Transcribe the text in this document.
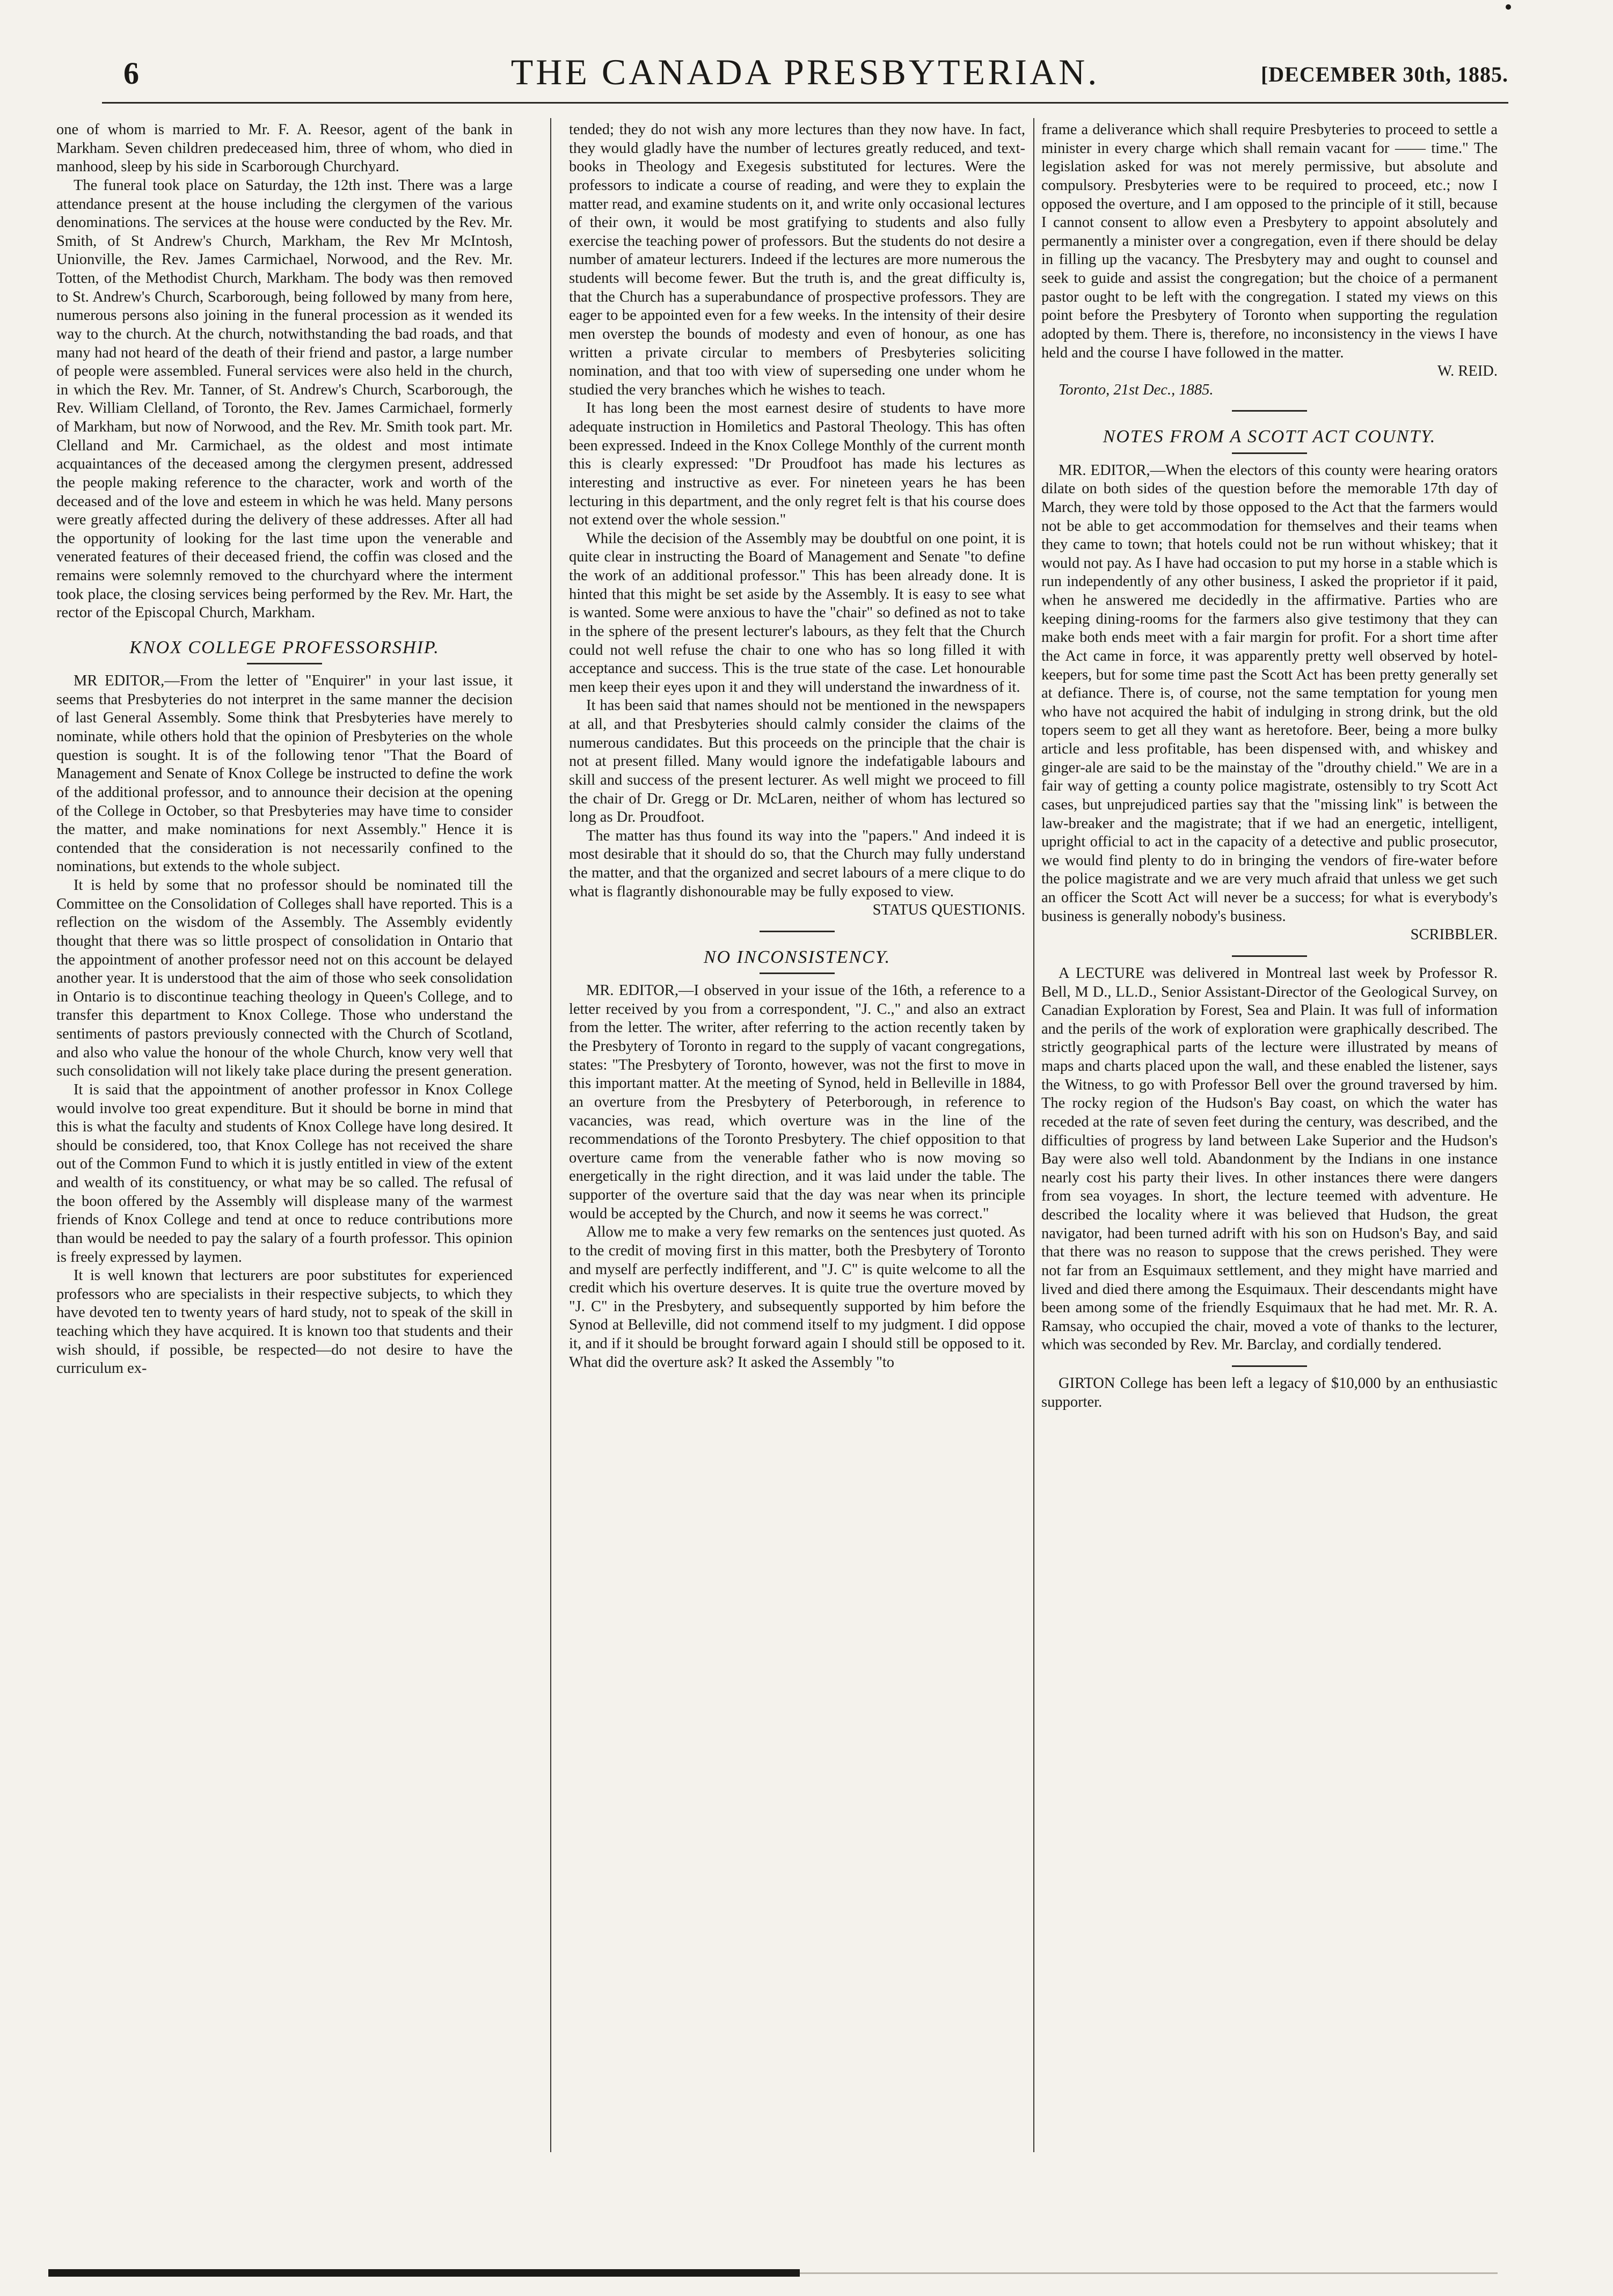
6	THE CANADA PRESBYTERIAN.	[DECEMBER 30th, 1885.

one of whom is married to Mr. F. A. Reesor, agent of the bank in Markham. Seven children predeceased him, three of whom, who died in manhood, sleep by his side in Scarborough Churchyard.

The funeral took place on Saturday, the 12th inst. There was a large attendance present at the house including the clergymen of the various denominations. The services at the house were conducted by the Rev. Mr. Smith, of St Andrew's Church, Markham, the Rev Mr McIntosh, Unionville, the Rev. James Carmichael, Norwood, and the Rev. Mr. Totten, of the Methodist Church, Markham. The body was then removed to St. Andrew's Church, Scarborough, being followed by many from here, numerous persons also joining in the funeral procession as it wended its way to the church. At the church, notwithstanding the bad roads, and that many had not heard of the death of their friend and pastor, a large number of people were assembled. Funeral services were also held in the church, in which the Rev. Mr. Tanner, of St. Andrew's Church, Scarborough, the Rev. William Clelland, of Toronto, the Rev. James Carmichael, formerly of Markham, but now of Norwood, and the Rev. Mr. Smith took part. Mr. Clelland and Mr. Carmichael, as the oldest and most intimate acquaintances of the deceased among the clergymen present, addressed the people making reference to the character, work and worth of the deceased and of the love and esteem in which he was held. Many persons were greatly affected during the delivery of these addresses. After all had the opportunity of looking for the last time upon the venerable and venerated features of their deceased friend, the coffin was closed and the remains were solemnly removed to the churchyard where the interment took place, the closing services being performed by the Rev. Mr. Hart, the rector of the Episcopal Church, Markham.

KNOX COLLEGE PROFESSORSHIP.

MR EDITOR,—From the letter of "Enquirer" in your last issue, it seems that Presbyteries do not interpret in the same manner the decision of last General Assembly. Some think that Presbyteries have merely to nominate, while others hold that the opinion of Presbyteries on the whole question is sought. It is of the following tenor "That the Board of Management and Senate of Knox College be instructed to define the work of the additional professor, and to announce their decision at the opening of the College in October, so that Presbyteries may have time to consider the matter, and make nominations for next Assembly." Hence it is contended that the consideration is not necessarily confined to the nominations, but extends to the whole subject.

It is held by some that no professor should be nominated till the Committee on the Consolidation of Colleges shall have reported. This is a reflection on the wisdom of the Assembly. The Assembly evidently thought that there was so little prospect of consolidation in Ontario that the appointment of another professor need not on this account be delayed another year. It is understood that the aim of those who seek consolidation in Ontario is to discontinue teaching theology in Queen's College, and to transfer this department to Knox College. Those who understand the sentiments of pastors previously connected with the Church of Scotland, and also who value the honour of the whole Church, know very well that such consolidation will not likely take place during the present generation.

It is said that the appointment of another professor in Knox College would involve too great expenditure. But it should be borne in mind that this is what the faculty and students of Knox College have long desired. It should be considered, too, that Knox College has not received the share out of the Common Fund to which it is justly entitled in view of the extent and wealth of its constituency, or what may be so called. The refusal of the boon offered by the Assembly will displease many of the warmest friends of Knox College and tend at once to reduce contributions more than would be needed to pay the salary of a fourth professor. This opinion is freely expressed by laymen.

It is well known that lecturers are poor substitutes for experienced professors who are specialists in their respective subjects, to which they have devoted ten to twenty years of hard study, not to speak of the skill in teaching which they have acquired. It is known too that students and their wish should, if possible, be respected—do not desire to have the curriculum ex-

tended; they do not wish any more lectures than they now have. In fact, they would gladly have the number of lectures greatly reduced, and text-books in Theology and Exegesis substituted for lectures. Were the professors to indicate a course of reading, and were they to explain the matter read, and examine students on it, and write only occasional lectures of their own, it would be most gratifying to students and also fully exercise the teaching power of professors. But the students do not desire a number of amateur lecturers. Indeed if the lectures are more numerous the students will become fewer. But the truth is, and the great difficulty is, that the Church has a superabundance of prospective professors. They are eager to be appointed even for a few weeks. In the intensity of their desire men overstep the bounds of modesty and even of honour, as one has written a private circular to members of Presbyteries soliciting nomination, and that too with view of superseding one under whom he studied the very branches which he wishes to teach.

It has long been the most earnest desire of students to have more adequate instruction in Homiletics and Pastoral Theology. This has often been expressed. Indeed in the Knox College Monthly of the current month this is clearly expressed: "Dr Proudfoot has made his lectures as interesting and instructive as ever. For nineteen years he has been lecturing in this department, and the only regret felt is that his course does not extend over the whole session."

While the decision of the Assembly may be doubtful on one point, it is quite clear in instructing the Board of Management and Senate "to define the work of an additional professor." This has been already done. It is hinted that this might be set aside by the Assembly. It is easy to see what is wanted. Some were anxious to have the "chair" so defined as not to take in the sphere of the present lecturer's labours, as they felt that the Church could not well refuse the chair to one who has so long filled it with acceptance and success. This is the true state of the case. Let honourable men keep their eyes upon it and they will understand the inwardness of it.

It has been said that names should not be mentioned in the newspapers at all, and that Presbyteries should calmly consider the claims of the numerous candidates. But this proceeds on the principle that the chair is not at present filled. Many would ignore the indefatigable labours and skill and success of the present lecturer. As well might we proceed to fill the chair of Dr. Gregg or Dr. McLaren, neither of whom has lectured so long as Dr. Proudfoot.

The matter has thus found its way into the "papers." And indeed it is most desirable that it should do so, that the Church may fully understand the matter, and that the organized and secret labours of a mere clique to do what is flagrantly dishonourable may be fully exposed to view.

STATUS QUESTIONIS.

NO INCONSISTENCY.

MR. EDITOR,—I observed in your issue of the 16th, a reference to a letter received by you from a correspondent, "J. C.," and also an extract from the letter. The writer, after referring to the action recently taken by the Presbytery of Toronto in regard to the supply of vacant congregations, states: "The Presbytery of Toronto, however, was not the first to move in this important matter. At the meeting of Synod, held in Belleville in 1884, an overture from the Presbytery of Peterborough, in reference to vacancies, was read, which overture was in the line of the recommendations of the Toronto Presbytery. The chief opposition to that overture came from the venerable father who is now moving so energetically in the right direction, and it was laid under the table. The supporter of the overture said that the day was near when its principle would be accepted by the Church, and now it seems he was correct."

Allow me to make a very few remarks on the sentences just quoted. As to the credit of moving first in this matter, both the Presbytery of Toronto and myself are perfectly indifferent, and "J. C" is quite welcome to all the credit which his overture deserves. It is quite true the overture moved by "J. C" in the Presbytery, and subsequently supported by him before the Synod at Belleville, did not commend itself to my judgment. I did oppose it, and if it should be brought forward again I should still be opposed to it. What did the overture ask? It asked the Assembly "to

frame a deliverance which shall require Presbyteries to proceed to settle a minister in every charge which shall remain vacant for —— time." The legislation asked for was not merely permissive, but absolute and compulsory. Presbyteries were to be required to proceed, etc.; now I opposed the overture, and I am opposed to the principle of it still, because I cannot consent to allow even a Presbytery to appoint absolutely and permanently a minister over a congregation, even if there should be delay in filling up the vacancy. The Presbytery may and ought to counsel and seek to guide and assist the congregation; but the choice of a permanent pastor ought to be left with the congregation. I stated my views on this point before the Presbytery of Toronto when supporting the regulation adopted by them. There is, therefore, no inconsistency in the views I have held and the course I have followed in the matter.

W. REID.

Toronto, 21st Dec., 1885.

NOTES FROM A SCOTT ACT COUNTY.

MR. EDITOR,—When the electors of this county were hearing orators dilate on both sides of the question before the memorable 17th day of March, they were told by those opposed to the Act that the farmers would not be able to get accommodation for themselves and their teams when they came to town; that hotels could not be run without whiskey; that it would not pay. As I have had occasion to put my horse in a stable which is run independently of any other business, I asked the proprietor if it paid, when he answered me decidedly in the affirmative. Parties who are keeping dining-rooms for the farmers also give testimony that they can make both ends meet with a fair margin for profit. For a short time after the Act came in force, it was apparently pretty well observed by hotel-keepers, but for some time past the Scott Act has been pretty generally set at defiance. There is, of course, not the same temptation for young men who have not acquired the habit of indulging in strong drink, but the old topers seem to get all they want as heretofore. Beer, being a more bulky article and less profitable, has been dispensed with, and whiskey and ginger-ale are said to be the mainstay of the "drouthy chield." We are in a fair way of getting a county police magistrate, ostensibly to try Scott Act cases, but unprejudiced parties say that the "missing link" is between the law-breaker and the magistrate; that if we had an energetic, intelligent, upright official to act in the capacity of a detective and public prosecutor, we would find plenty to do in bringing the vendors of fire-water before the police magistrate and we are very much afraid that unless we get such an officer the Scott Act will never be a success; for what is everybody's business is generally nobody's business.

SCRIBBLER.

A LECTURE was delivered in Montreal last week by Professor R. Bell, M D., LL.D., Senior Assistant-Director of the Geological Survey, on Canadian Exploration by Forest, Sea and Plain. It was full of information and the perils of the work of exploration were graphically described. The strictly geographical parts of the lecture were illustrated by means of maps and charts placed upon the wall, and these enabled the listener, says the Witness, to go with Professor Bell over the ground traversed by him. The rocky region of the Hudson's Bay coast, on which the water has receded at the rate of seven feet during the century, was described, and the difficulties of progress by land between Lake Superior and the Hudson's Bay were also well told. Abandonment by the Indians in one instance nearly cost his party their lives. In other instances there were dangers from sea voyages. In short, the lecture teemed with adventure. He described the locality where it was believed that Hudson, the great navigator, had been turned adrift with his son on Hudson's Bay, and said that there was no reason to suppose that the crews perished. They were not far from an Esquimaux settlement, and they might have married and lived and died there among the Esquimaux. Their descendants might have been among some of the friendly Esquimaux that he had met. Mr. R. A. Ramsay, who occupied the chair, moved a vote of thanks to the lecturer, which was seconded by Rev. Mr. Barclay, and cordially tendered.

GIRTON College has been left a legacy of $10,000 by an enthusiastic supporter.
